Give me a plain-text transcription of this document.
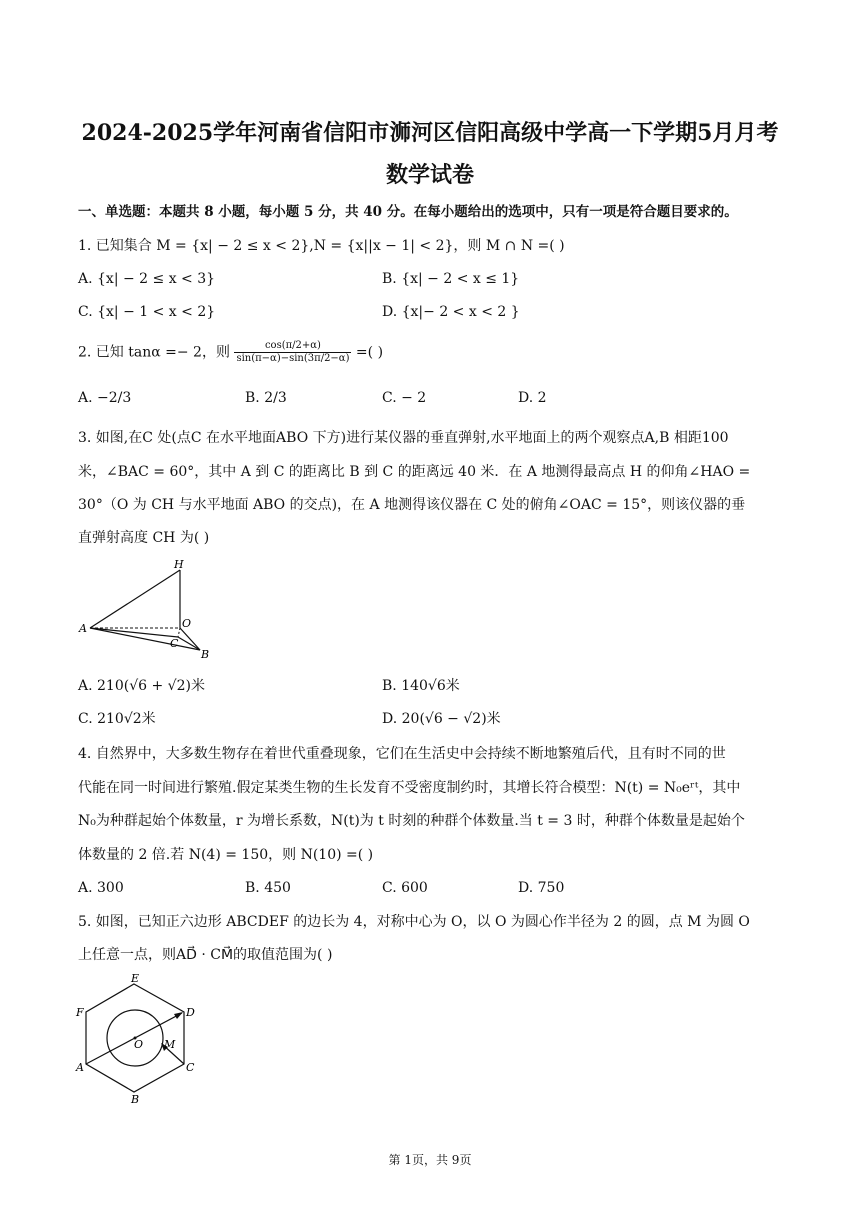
2024-2025学年河南省信阳市浉河区信阳高级中学高一下学期5月月考
数学试卷
一、单选题：本题共 8 小题，每小题 5 分，共 40 分。在每小题给出的选项中，只有一项是符合题目要求的。
1. 已知集合 M = {x| − 2 ≤ x < 2},N = {x||x − 1| < 2}，则 M ∩ N =( )
A. {x| − 2 ≤ x < 3}	B. {x| − 2 < x ≤ 1}
C. {x| − 1 < x < 2}	D. {x|− 2 < x < 2 }
2. 已知 tanα =− 2，则 $\frac{\cos(\pi/2+\alpha)}{\sin(\pi-\alpha)-\sin(3\pi/2-\alpha)}$ =( )
A. −2/3	B. 2/3	C. − 2	D. 2
3. 如图,在C 处(点C 在水平地面ABO 下方)进行某仪器的垂直弹射,水平地面上的两个观察点A,B 相距100
米，∠BAC = 60°，其中 A 到 C 的距离比 B 到 C 的距离远 40 米．在 A 地测得最高点 H 的仰角∠HAO =
30°（O 为 CH 与水平地面 ABO 的交点)，在 A 地测得该仪器在 C 处的俯角∠OAC = 15°，则该仪器的垂
直弹射高度 CH 为( )
H
O
A
C
B
A. 210(√6 + √2)米	B. 140√6米
C. 210√2米	D. 20(√6 − √2)米
4. 自然界中，大多数生物存在着世代重叠现象，它们在生活史中会持续不断地繁殖后代，且有时不同的世
代能在同一时间进行繁殖.假定某类生物的生长发育不受密度制约时，其增长符合模型：N(t) = N₀eʳᵗ，其中
N₀为种群起始个体数量，r 为增长系数，N(t)为 t 时刻的种群个体数量.当 t = 3 时，种群个体数量是起始个
体数量的 2 倍.若 N(4) = 150，则 N(10) =( )
A. 300	B. 450	C. 600	D. 750
5. 如图，已知正六边形 ABCDEF 的边长为 4，对称中心为 O，以 O 为圆心作半径为 2 的圆，点 M 为圆 O
上任意一点，则AD⃗ · CM⃗的取值范围为( )
E
D
C
B
A
F
O M
第 1页，共 9页
